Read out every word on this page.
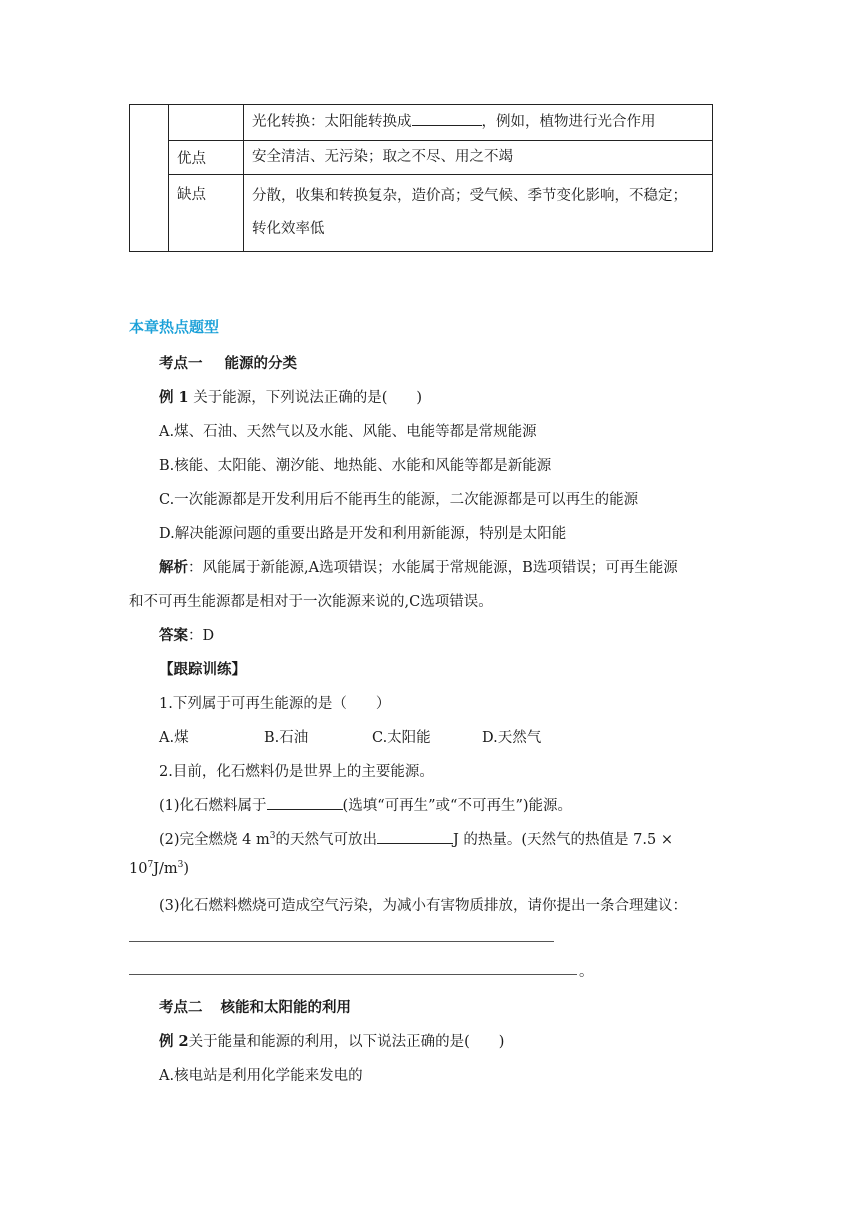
		光化转换：太阳能转换成 ，例如，植物进行光合作用
	优点	安全清洁、无污染；取之不尽、用之不竭
	缺点	分散，收集和转换复杂，造价高；受气候、季节变化影响，不稳定；
转化效率低
本章热点题型
考点一 能源的分类
例 1 关于能源，下列说法正确的是(　　)
A.煤、石油、天然气以及水能、风能、电能等都是常规能源
B.核能、太阳能、潮汐能、地热能、水能和风能等都是新能源
C.一次能源都是开发利用后不能再生的能源，二次能源都是可以再生的能源
D.解决能源问题的重要出路是开发和利用新能源，特别是太阳能
解析：风能属于新能源,A选项错误；水能属于常规能源，B选项错误；可再生能源
和不可再生能源都是相对于一次能源来说的,C选项错误。
答案：D
【跟踪训练】
1.下列属于可再生能源的是（　　）
A.煤	B.石油	C.太阳能	D.天然气
2.目前，化石燃料仍是世界上的主要能源。
(1)化石燃料属于	(选填“可再生”或“不可再生”)能源。
(2)完全燃烧 4 $m^3$的天然气可放出	J 的热量。(天然气的热值是 7.5 ×
$10^7J/m^3$)
(3)化石燃料燃烧可造成空气污染，为减小有害物质排放，请你提出一条合理建议：
。
考点二 核能和太阳能的利用
例 2关于能量和能源的利用，以下说法正确的是(　　)
A.核电站是利用化学能来发电的
